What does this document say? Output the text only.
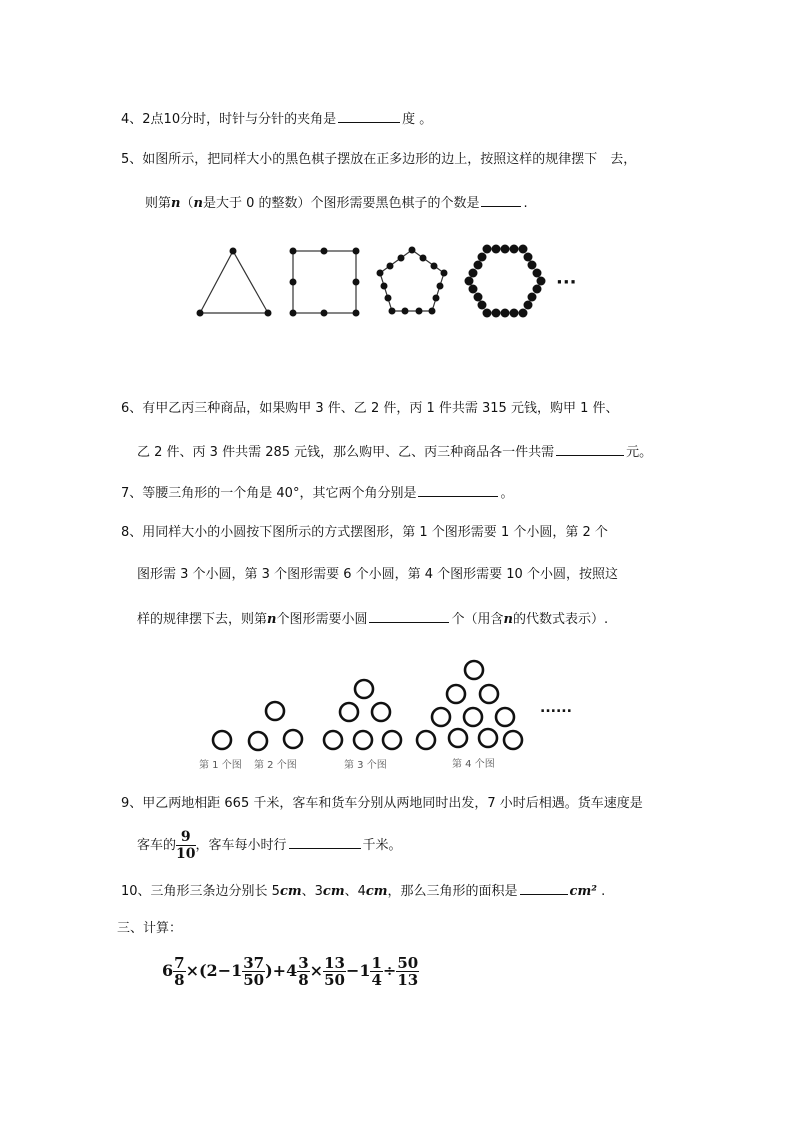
4、2点10分时，时针与分针的夹角是	度 。
5、如图所示，把同样大小的黑色棋子摆放在正多边形的边上，按照这样的规律摆下　去，
则第n（n是大于 0 的整数）个图形需要黑色棋子的个数是	.
···
6、有甲乙丙三种商品，如果购甲 3 件、乙 2 件，丙 1 件共需 315 元钱，购甲 1 件、
乙 2 件、丙 3 件共需 285 元钱，那么购甲、乙、丙三种商品各一件共需	元。
7、等腰三角形的一个角是 40°，其它两个角分别是	。
8、用同样大小的小圆按下图所示的方式摆图形，第 1 个图形需要 1 个小圆，第 2 个
图形需 3 个小圆，第 3 个图形需要 6 个小圆，第 4 个图形需要 10 个小圆，按照这
样的规律摆下去，则第n个图形需要小圆	个（用含n的代数式表示）.
第 1 个图 第 2 个图	第 3 个图	第 4 个图
......
9、甲乙两地相距 665 千米，客车和货车分别从两地同时出发，7 小时后相遇。货车速度是
客车的 $\frac{9}{10}$ ，客车每小时行	千米。
10、三角形三条边分别长 5cm、3cm、4cm，那么三角形的面积是	cm² .
三、计算：
$6 \frac{7}{8} \times(2-1 \frac{37}{50} )+4 \frac{3}{8} \times \frac{13}{50} -1 \frac{1}{4} \div \frac{50}{13}$
